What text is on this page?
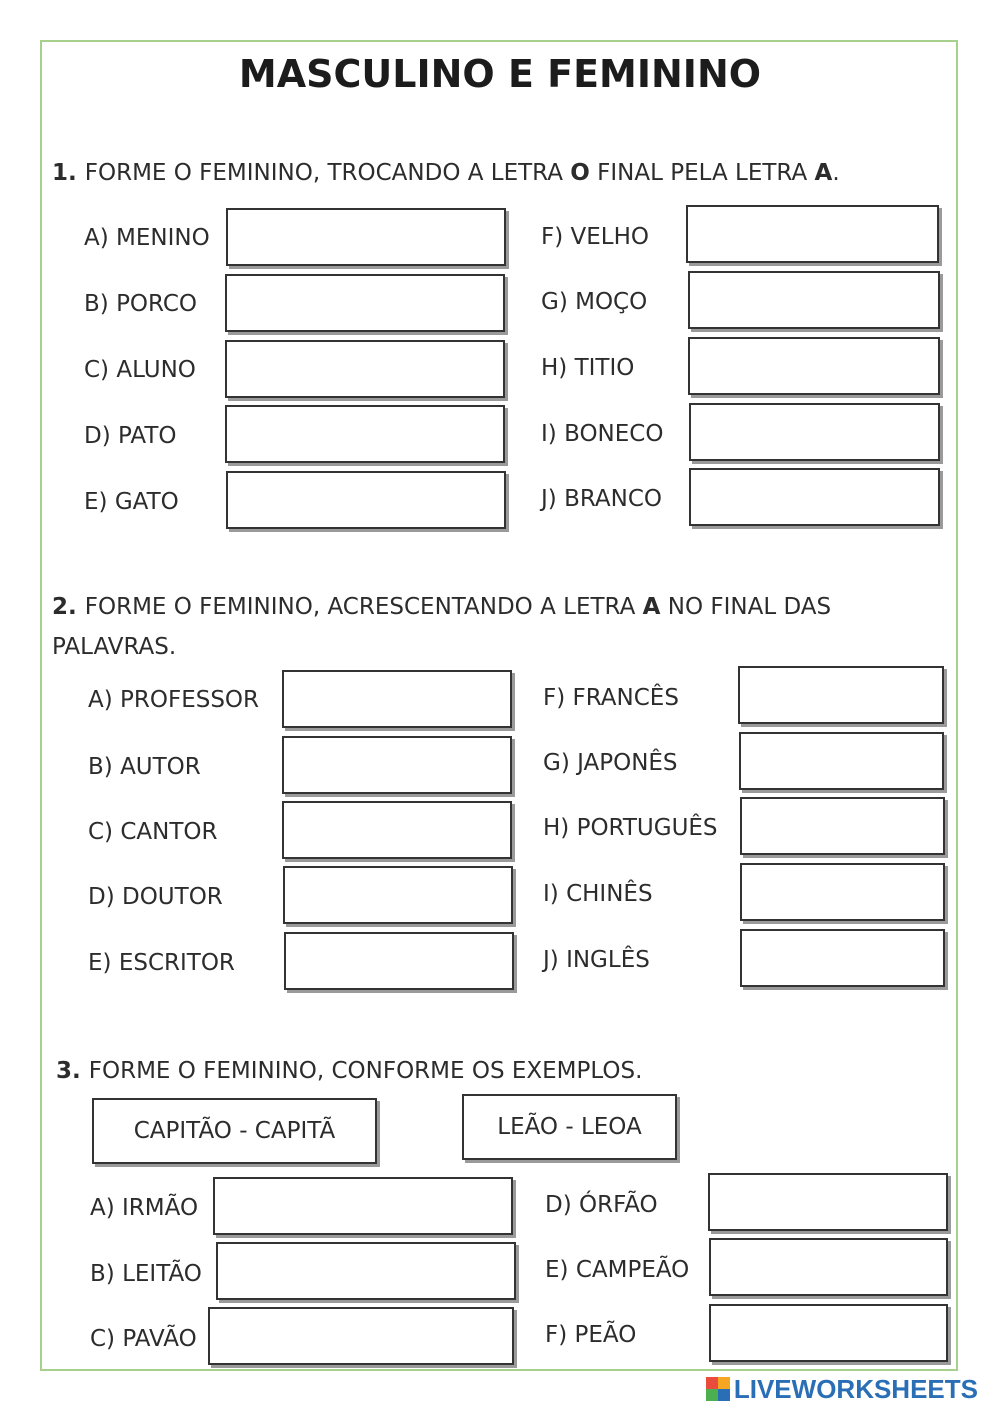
MASCULINO E FEMININO
1. FORME O FEMININO, TROCANDO A LETRA O FINAL PELA LETRA A.
A) MENINO
B) PORCO
C) ALUNO
D) PATO
E) GATO
F) VELHO
G) MOÇO
H) TITIO
I) BONECO
J) BRANCO
2. FORME O FEMININO, ACRESCENTANDO A LETRA A NO FINAL DAS PALAVRAS.
A) PROFESSOR
B) AUTOR
C) CANTOR
D) DOUTOR
E) ESCRITOR
F) FRANCÊS
G) JAPONÊS
H) PORTUGUÊS
I) CHINÊS
J) INGLÊS
3. FORME O FEMININO, CONFORME OS EXEMPLOS.
CAPITÃO - CAPITÃ	LEÃO - LEOA
A) IRMÃO
B) LEITÃO
C) PAVÃO
D) ÓRFÃO
E) CAMPEÃO
F) PEÃO
LIVEWORKSHEETS
